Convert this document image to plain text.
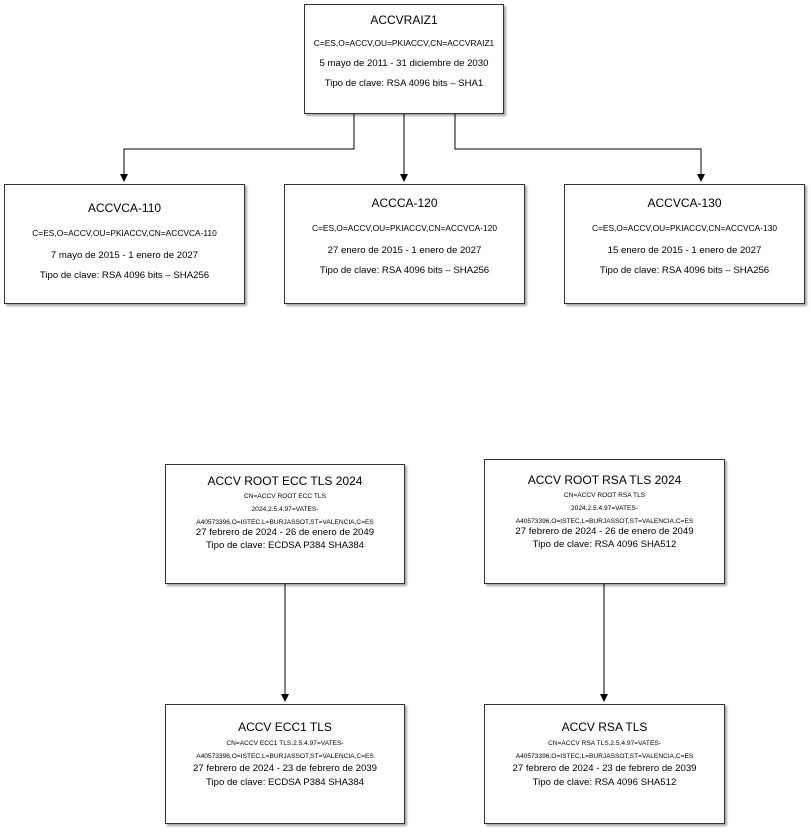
ACCVRAIZ1
C=ES,O=ACCV,OU=PKIACCV,CN=ACCVRAIZ1
5 mayo de 2011 - 31 diciembre de 2030
Tipo de clave: RSA 4096 bits – SHA1
ACCVCA-110
C=ES,O=ACCV,OU=PKIACCV,CN=ACCVCA-110
7 mayo de 2015 - 1 enero de 2027
Tipo de clave: RSA 4096 bits – SHA256
ACCCA-120
C=ES,O=ACCV,OU=PKIACCV,CN=ACCVCA-120
27 enero de 2015 - 1 enero de 2027
Tipo de clave: RSA 4096 bits – SHA256
ACCVCA-130
C=ES,O=ACCV,OU=PKIACCV,CN=ACCVCA-130
15 enero de 2015 - 1 enero de 2027
Tipo de clave: RSA 4096 bits – SHA256
ACCV ROOT ECC TLS 2024
CN=ACCV ROOT ECC TLS
2024,2.5.4.97=VATES-
A40573396,O=ISTEC,L=BURJASSOT,ST=VALENCIA,C=ES
27 febrero de 2024 - 26 de enero de 2049
Tipo de clave: ECDSA P384 SHA384
ACCV ROOT RSA TLS 2024
CN=ACCV ROOT RSA TLS
2024,2.5.4.97=VATES-
A40573396,O=ISTEC,L=BURJASSOT,ST=VALENCIA,C=ES
27 febrero de 2024 - 26 de enero de 2049
Tipo de clave: RSA 4096 SHA512
ACCV ECC1 TLS
CN=ACCV ECC1 TLS,2.5.4.97=VATES-
A40573396,O=ISTEC,L=BURJASSOT,ST=VALENCIA,C=ES
27 febrero de 2024 - 23 de febrero de 2039
Tipo de clave: ECDSA P384 SHA384
ACCV RSA TLS
CN=ACCV RSA TLS,2.5.4.97=VATES-
A40573396,O=ISTEC,L=BURJASSOT,ST=VALENCIA,C=ES
27 febrero de 2024 - 23 de febrero de 2039
Tipo de clave: RSA 4096 SHA512
